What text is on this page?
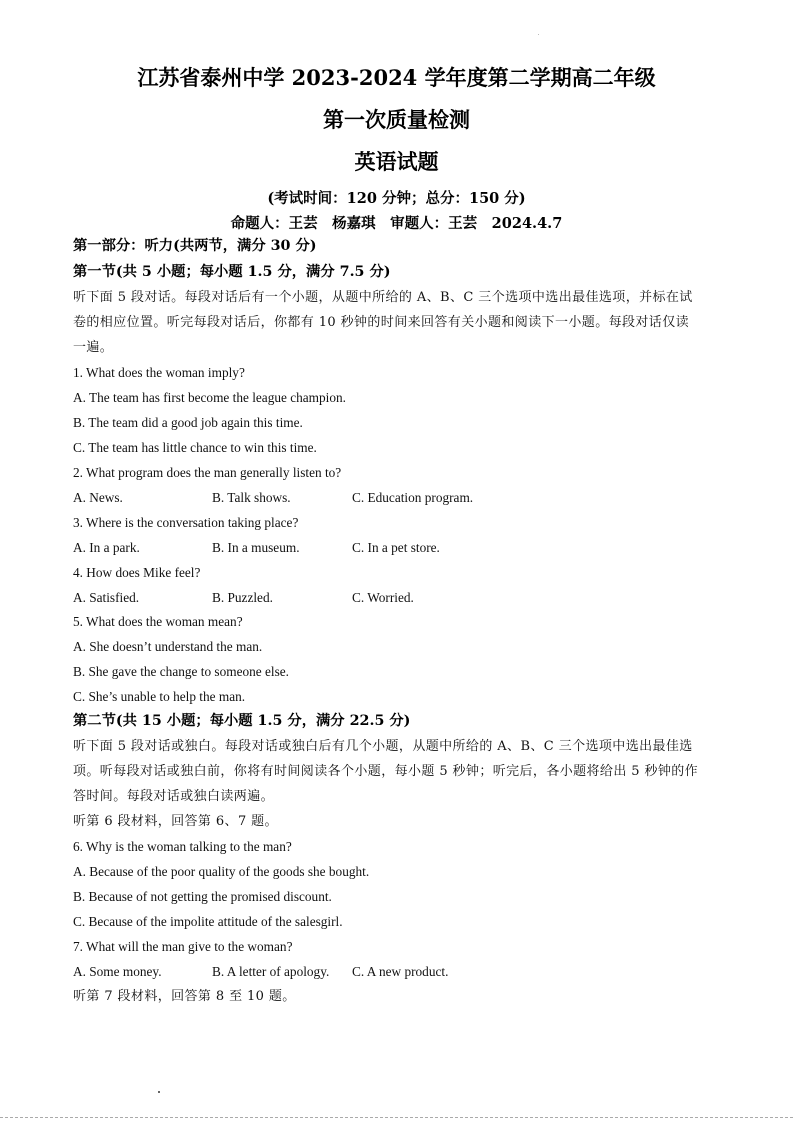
江苏省泰州中学 2023-2024 学年度第二学期高二年级
第一次质量检测
英语试题
(考试时间：120 分钟；总分：150 分)
命题人：王芸　杨嘉琪　审题人：王芸　2024.4.7
第一部分：听力(共两节，满分 30 分)
第一节(共 5 小题；每小题 1.5 分，满分 7.5 分)
听下面 5 段对话。每段对话后有一个小题，从题中所给的 A、B、C 三个选项中选出最佳选项，并标在试
卷的相应位置。听完每段对话后，你都有 10 秒钟的时间来回答有关小题和阅读下一小题。每段对话仅读
一遍。
1. What does the woman imply?
A. The team has first become the league champion.
B. The team did a good job again this time.
C. The team has little chance to win this time.
2. What program does the man generally listen to?
A. News.	B. Talk shows.	C. Education program.
3. Where is the conversation taking place?
A. In a park.	B. In a museum.	C. In a pet store.
4. How does Mike feel?
A. Satisfied.	B. Puzzled.	C. Worried.
5. What does the woman mean?
A. She doesn’t understand the man.
B. She gave the change to someone else.
C. She’s unable to help the man.
第二节(共 15 小题；每小题 1.5 分，满分 22.5 分)
听下面 5 段对话或独白。每段对话或独白后有几个小题，从题中所给的 A、B、C 三个选项中选出最佳选
项。听每段对话或独白前，你将有时间阅读各个小题，每小题 5 秒钟；听完后，各小题将给出 5 秒钟的作
答时间。每段对话或独白读两遍。
听第 6 段材料，回答第 6、7 题。
6. Why is the woman talking to the man?
A. Because of the poor quality of the goods she bought.
B. Because of not getting the promised discount.
C. Because of the impolite attitude of the salesgirl.
7. What will the man give to the woman?
A. Some money.	B. A letter of apology. C. A new product.
听第 7 段材料，回答第 8 至 10 题。
